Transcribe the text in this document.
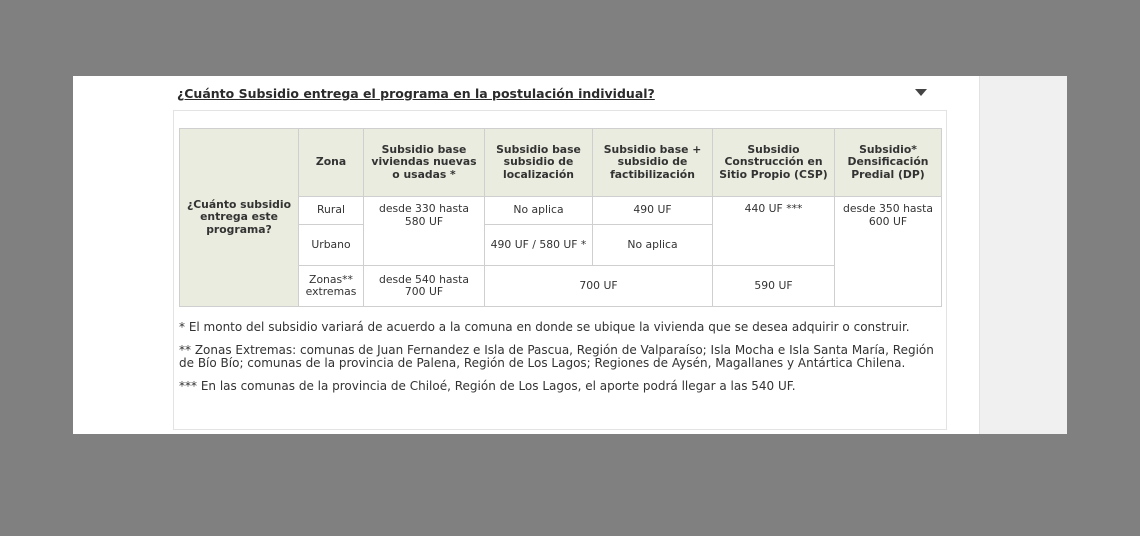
¿Cuánto Subsidio entrega el programa en la postulación individual?
¿Cuánto subsidio entrega este programa?	Zona	Subsidio base viviendas nuevas o usadas *	Subsidio base subsidio de localización	Subsidio base + subsidio de factibilización	Subsidio Construcción en Sitio Propio (CSP)	Subsidio* Densificación Predial (DP)
	Rural	desde 330 hasta 580 UF	No aplica	490 UF	440 UF ***	desde 350 hasta 600 UF
	Urbano		490 UF / 580 UF *	No aplica		
	Zonas** extremas	desde 540 hasta 700 UF	700 UF		590 UF	

* El monto del subsidio variará de acuerdo a la comuna en donde se ubique la vivienda que se desea adquirir o construir.

** Zonas Extremas: comunas de Juan Fernandez e Isla de Pascua, Región de Valparaíso; Isla Mocha e Isla Santa María, Región de Bío Bío; comunas de la provincia de Palena, Región de Los Lagos; Regiones de Aysén, Magallanes y Antártica Chilena.

*** En las comunas de la provincia de Chiloé, Región de Los Lagos, el aporte podrá llegar a las 540 UF.
